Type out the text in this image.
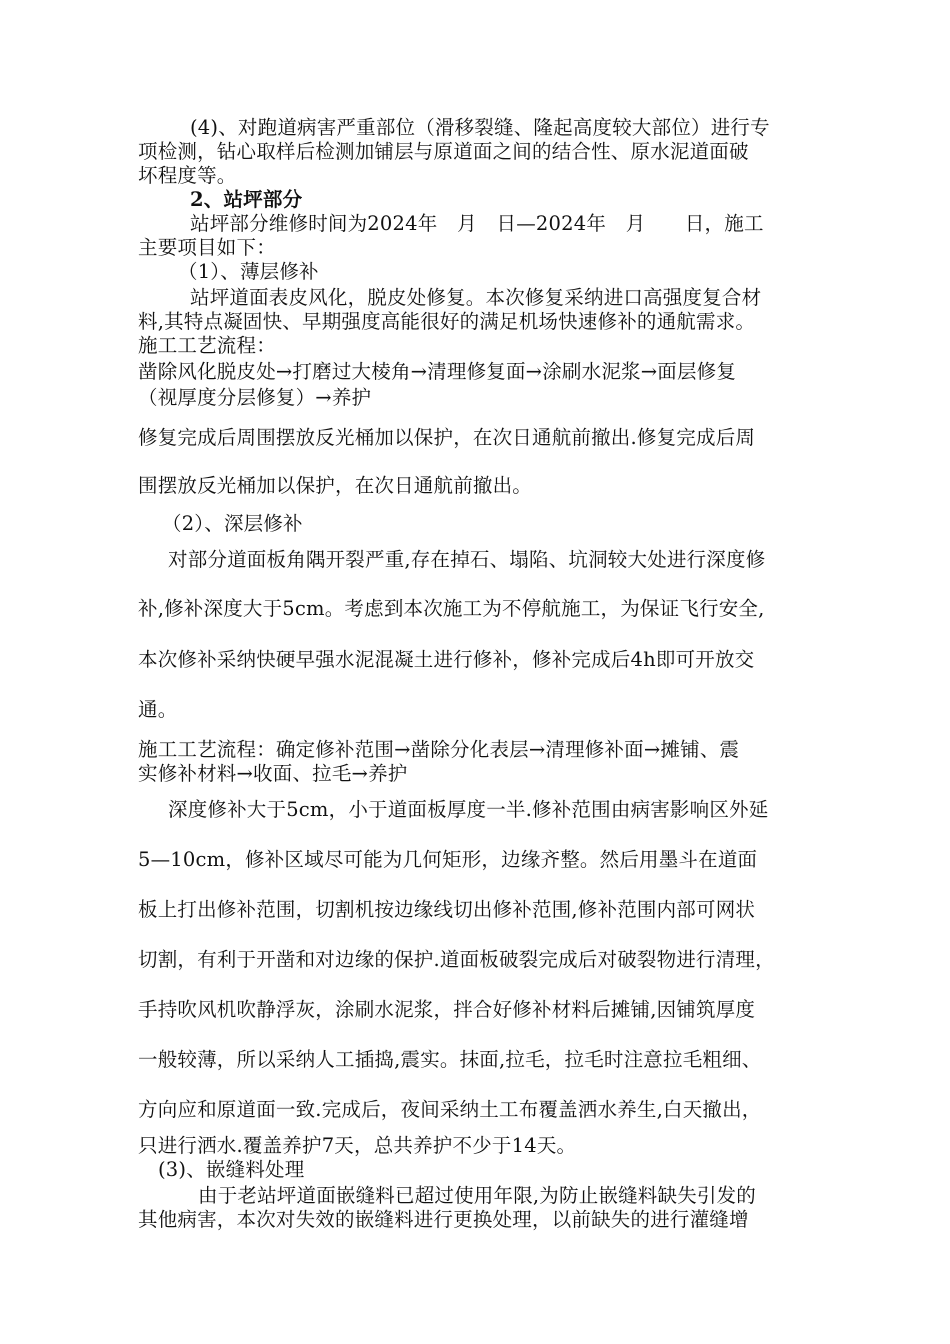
(4)、对跑道病害严重部位（滑移裂缝、隆起高度较大部位）进行专
项检测，钻心取样后检测加铺层与原道面之间的结合性、原水泥道面破
坏程度等。
2、站坪部分
站坪部分维修时间为2024年　月　日—2024年　月　　日，施工
主要项目如下：
（1）、薄层修补
站坪道面表皮风化，脱皮处修复。本次修复采纳进口高强度复合材
料,其特点凝固快、早期强度高能很好的满足机场快速修补的通航需求。
施工工艺流程：
凿除风化脱皮处→打磨过大棱角→清理修复面→涂刷水泥浆→面层修复
（视厚度分层修复）→养护
修复完成后周围摆放反光桶加以保护，在次日通航前撤出.修复完成后周
围摆放反光桶加以保护，在次日通航前撤出。
（2）、深层修补
对部分道面板角隅开裂严重,存在掉石、塌陷、坑洞较大处进行深度修
补,修补深度大于5cm。考虑到本次施工为不停航施工，为保证飞行安全,
本次修补采纳快硬早强水泥混凝土进行修补，修补完成后4h即可开放交
通。
施工工艺流程：确定修补范围→凿除分化表层→清理修补面→摊铺、震
实修补材料→收面、拉毛→养护
深度修补大于5cm，小于道面板厚度一半.修补范围由病害影响区外延
5—10cm，修补区域尽可能为几何矩形，边缘齐整。然后用墨斗在道面
板上打出修补范围，切割机按边缘线切出修补范围,修补范围内部可网状
切割，有利于开凿和对边缘的保护.道面板破裂完成后对破裂物进行清理，
手持吹风机吹静浮灰，涂刷水泥浆，拌合好修补材料后摊铺,因铺筑厚度
一般较薄，所以采纳人工插捣,震实。抹面,拉毛，拉毛时注意拉毛粗细、
方向应和原道面一致.完成后，夜间采纳土工布覆盖洒水养生,白天撤出，
只进行洒水.覆盖养护7天，总共养护不少于14天。
(3)、嵌缝料处理
由于老站坪道面嵌缝料已超过使用年限,为防止嵌缝料缺失引发的
其他病害，本次对失效的嵌缝料进行更换处理，以前缺失的进行灌缝增
